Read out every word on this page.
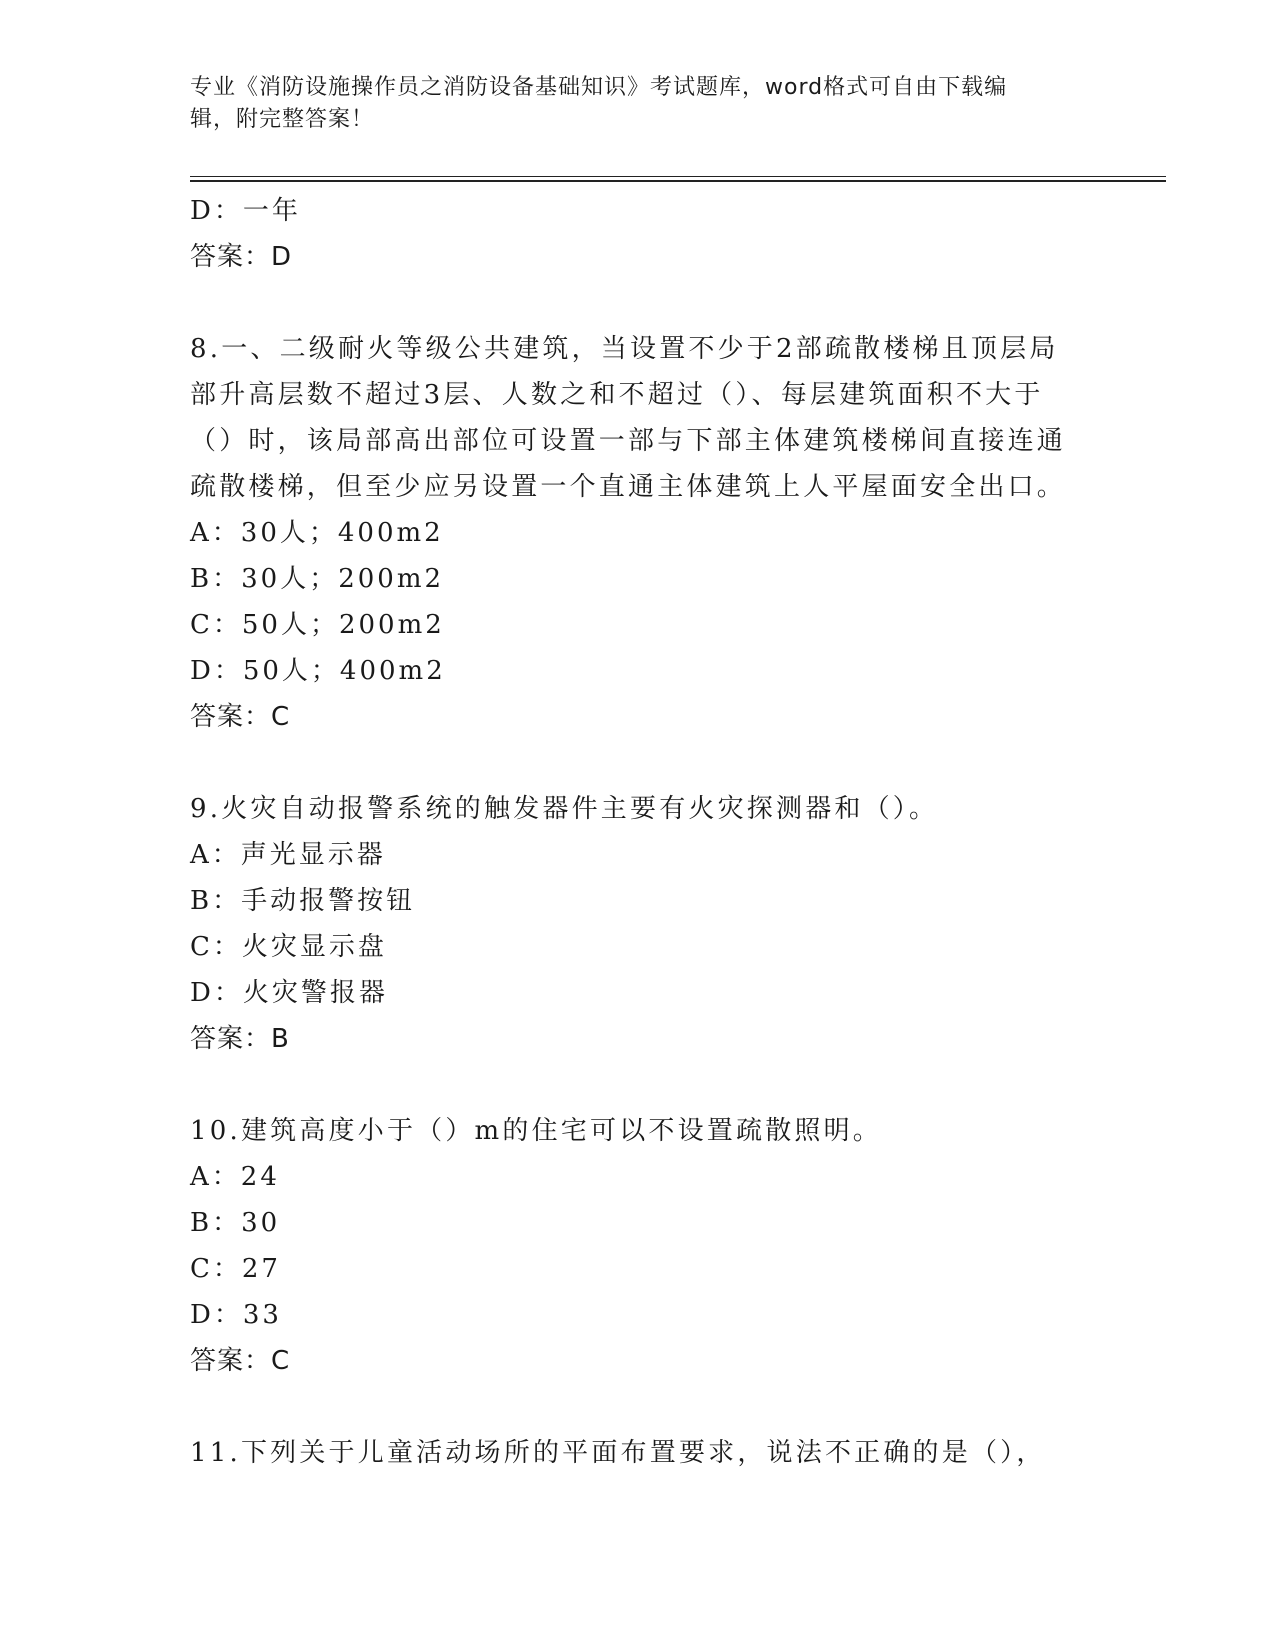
专业《消防设施操作员之消防设备基础知识》考试题库，word格式可自由下载编
辑，附完整答案！
D：一年
答案：D
8.一、二级耐火等级公共建筑，当设置不少于2部疏散楼梯且顶层局
部升高层数不超过3层、人数之和不超过（）、每层建筑面积不大于
（）时，该局部高出部位可设置一部与下部主体建筑楼梯间直接连通
疏散楼梯，但至少应另设置一个直通主体建筑上人平屋面安全出口。
A：30人；400m2
B：30人；200m2
C：50人；200m2
D：50人；400m2
答案：C
9.火灾自动报警系统的触发器件主要有火灾探测器和（）。
A：声光显示器
B：手动报警按钮
C：火灾显示盘
D：火灾警报器
答案：B
10.建筑高度小于（）m的住宅可以不设置疏散照明。
A：24
B：30
C：27
D：33
答案：C
11.下列关于儿童活动场所的平面布置要求，说法不正确的是（），
